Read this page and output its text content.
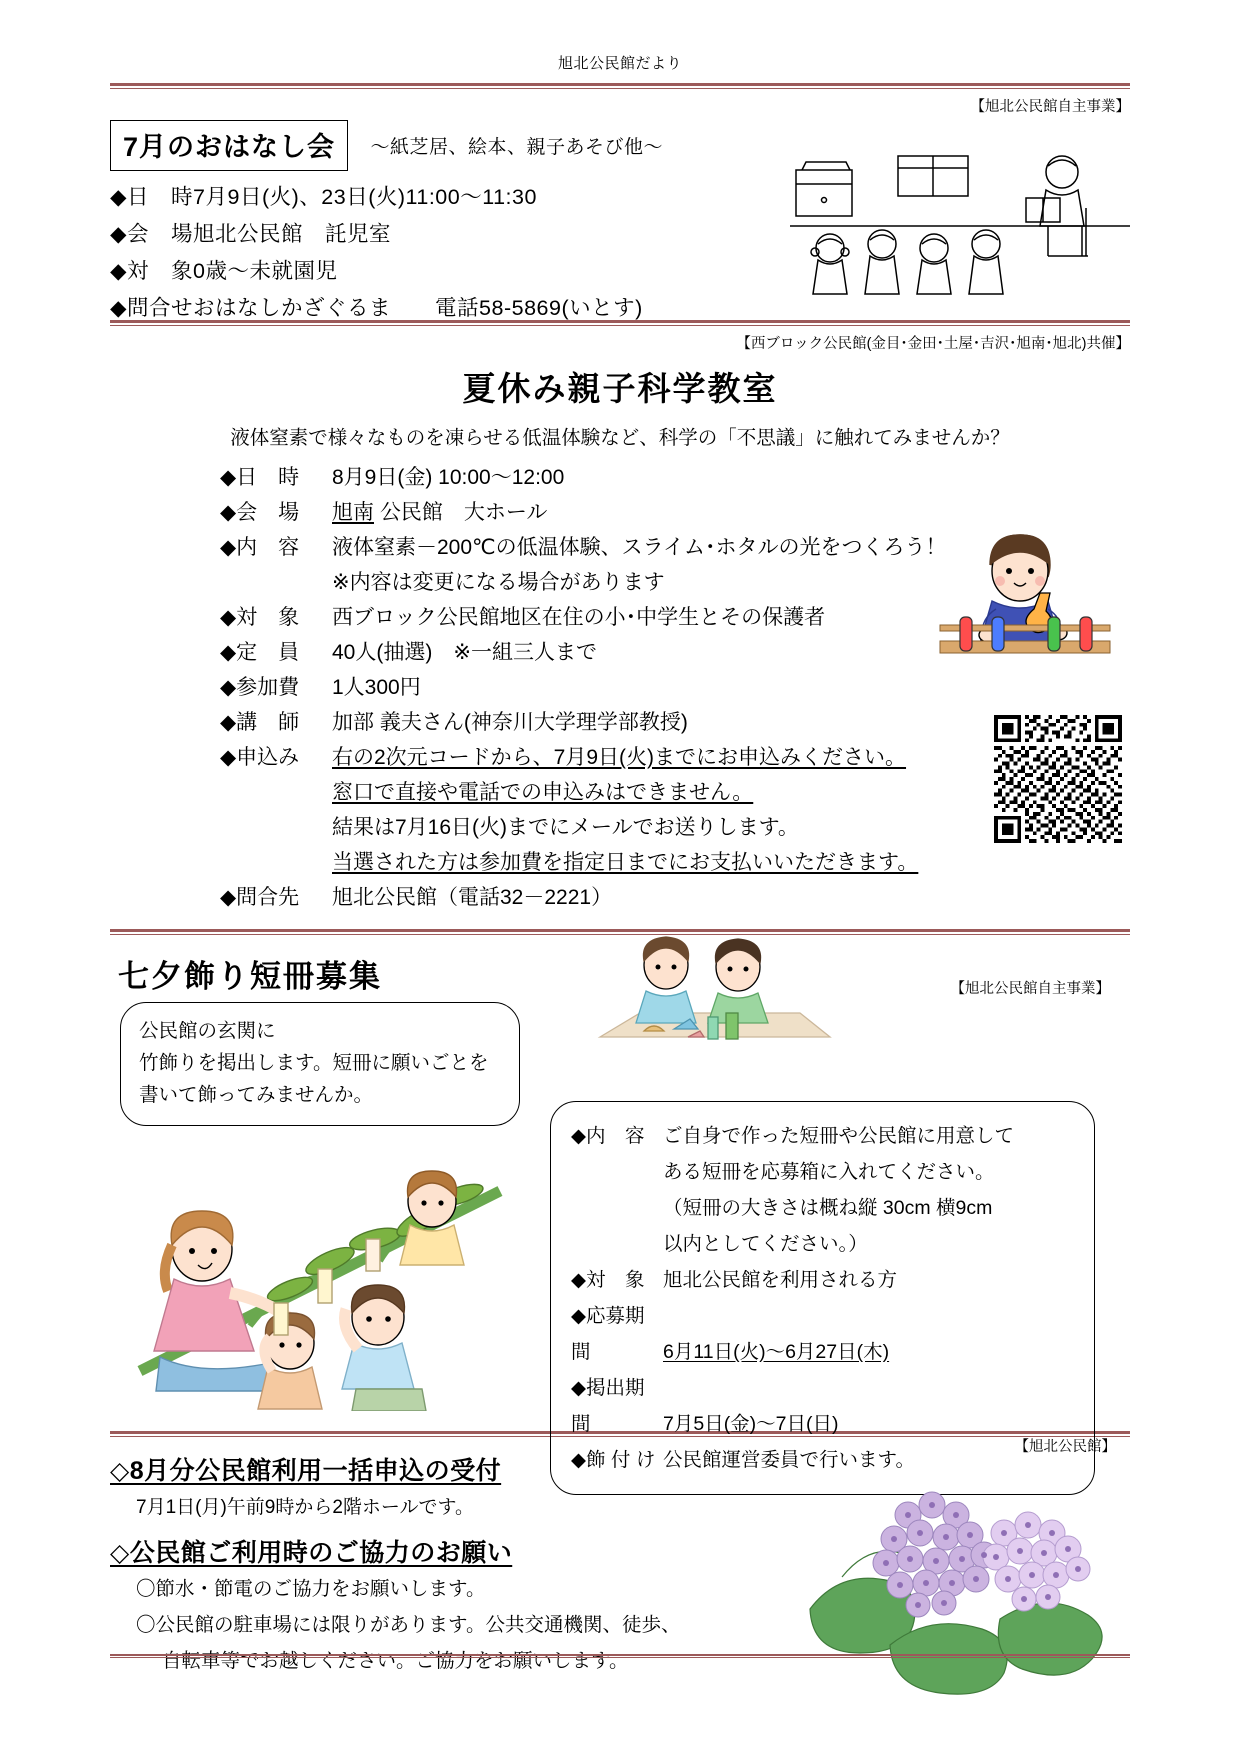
旭北公民館だより
【旭北公民館自主事業】
7月のおはなし会 ～紙芝居、絵本、親子あそび他～
◆日　時7月9日(火)、23日(火)11:00～11:30
◆会　場旭北公民館　託児室
◆対　象0歳～未就園児
◆問合せおはなしかざぐるま　　電話58-5869(いとす)
【西ブロック公民館(金目･金田･土屋･吉沢･旭南･旭北)共催】
夏休み親子科学教室
液体窒素で様々なものを凍らせる低温体験など、科学の「不思議」に触れてみませんか？
◆日　時 8月9日(金) 10:00～12:00
◆会　場 旭南 公民館　大ホール
◆内　容 液体窒素－200℃の低温体験、スライム･ホタルの光をつくろう！
※内容は変更になる場合があります
◆対　象 西ブロック公民館地区在住の小･中学生とその保護者
◆定　員 40人(抽選)　※一組三人まで
◆参加費 1人300円
◆講　師 加部 義夫さん(神奈川大学理学部教授)
◆申込み 右の2次元コードから、7月9日(火)までにお申込みください。
窓口で直接や電話での申込みはできません。
結果は7月16日(火)までにメールでお送りします。
当選された方は参加費を指定日までにお支払いいただきます。
◆問合先 旭北公民館（電話32－2221）
七夕飾り短冊募集	【旭北公民館自主事業】
公民館の玄関に
竹飾りを掲出します。短冊に願いごとを
書いて飾ってみませんか。
◆内　容 ご自身で作った短冊や公民館に用意して
ある短冊を応募箱に入れてください。
（短冊の大きさは概ね縦 30cm 横9cm
以内としてください。）
◆対　象 旭北公民館を利用される方
◆応募期間	6月11日(火)～6月27日(木)
◆掲出期間	7月5日(金)～7日(日)
◆飾 付 け 公民館運営委員で行います。
【旭北公民館】
◇8月分公民館利用一括申込の受付
7月1日(月)午前9時から2階ホールです。
◇公民館ご利用時のご協力のお願い
〇節水・節電のご協力をお願いします。
〇公民館の駐車場には限りがあります。公共交通機関、徒歩、
自転車等でお越しください。ご協力をお願いします。
